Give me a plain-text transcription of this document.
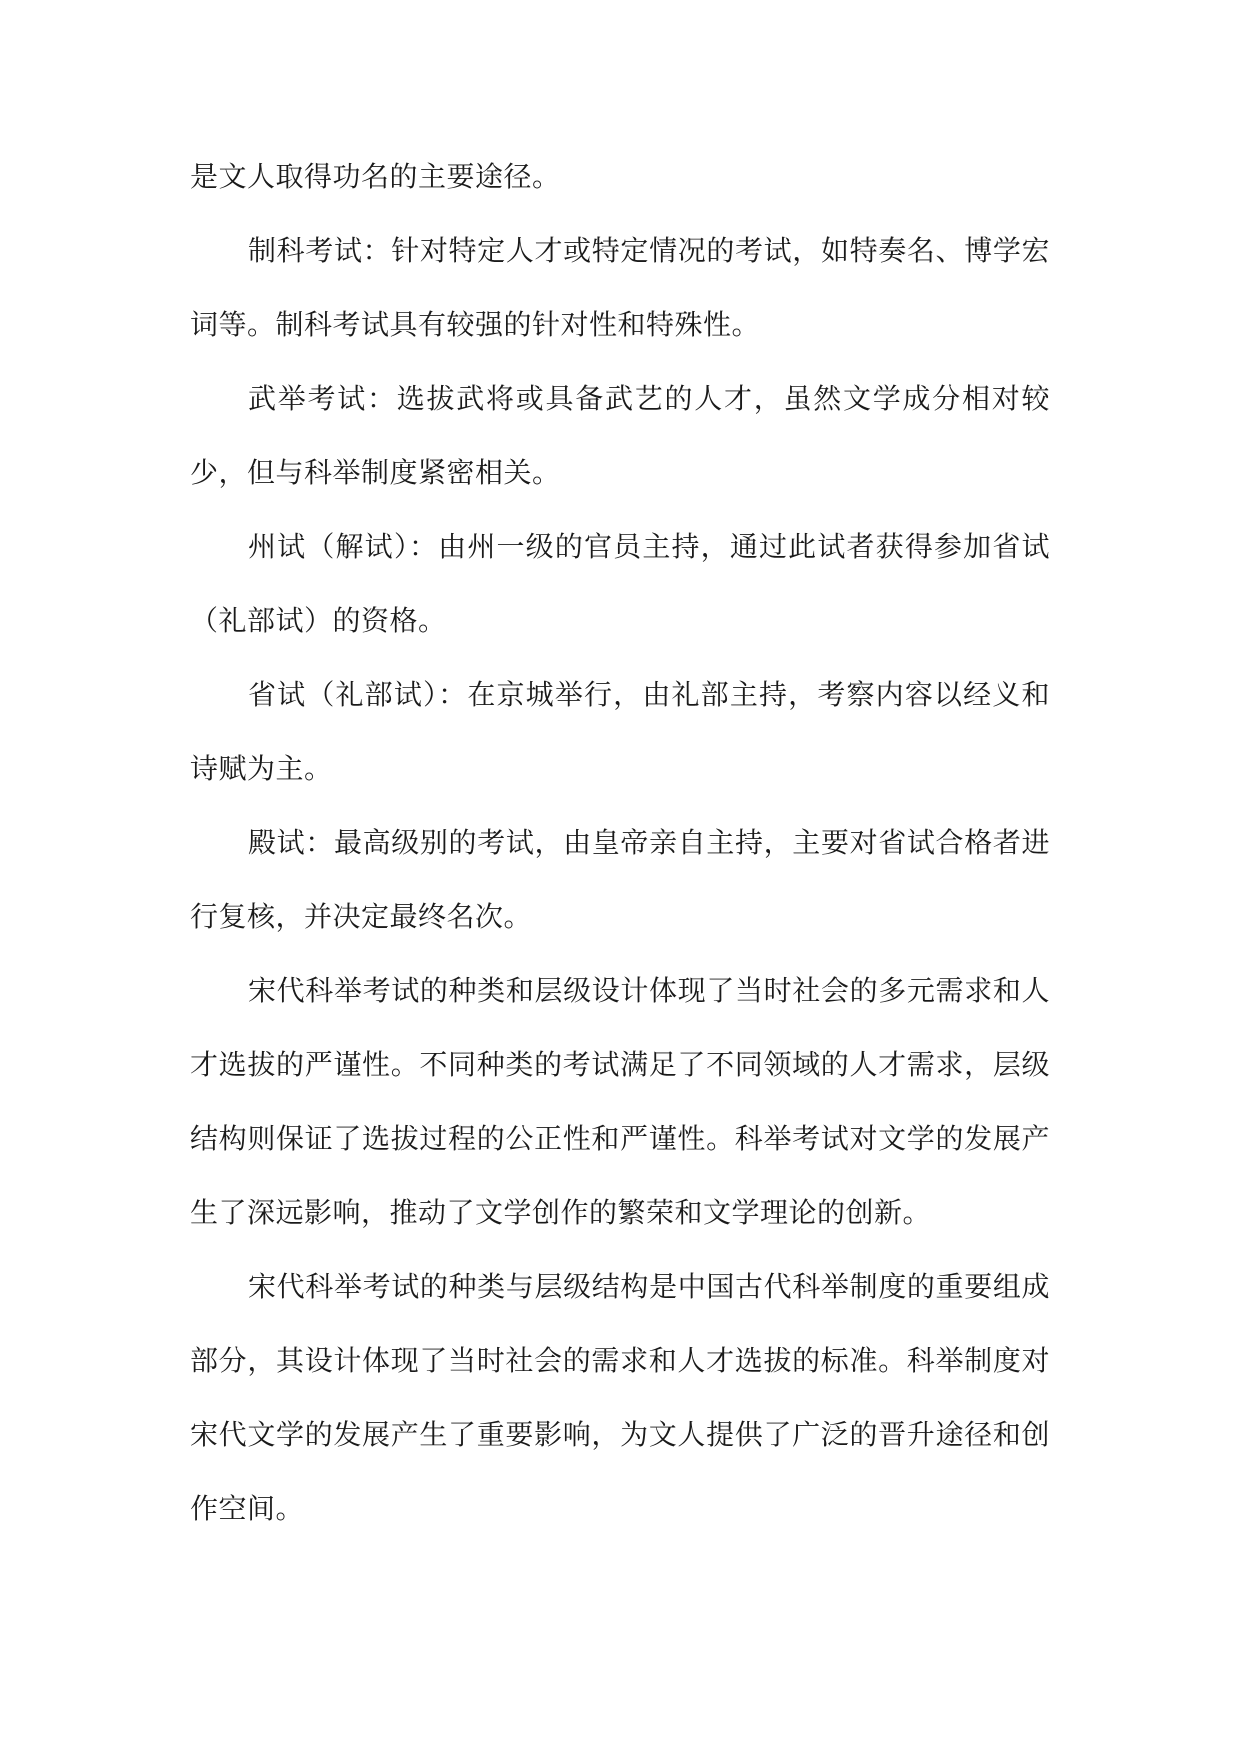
是文人取得功名的主要途径。

制科考试：针对特定人才或特定情况的考试，如特奏名、博学宏词等。制科考试具有较强的针对性和特殊性。

武举考试：选拔武将或具备武艺的人才，虽然文学成分相对较少，但与科举制度紧密相关。

州试（解试）：由州一级的官员主持，通过此试者获得参加省试（礼部试）的资格。

省试（礼部试）：在京城举行，由礼部主持，考察内容以经义和诗赋为主。

殿试：最高级别的考试，由皇帝亲自主持，主要对省试合格者进行复核，并决定最终名次。

宋代科举考试的种类和层级设计体现了当时社会的多元需求和人才选拔的严谨性。不同种类的考试满足了不同领域的人才需求，层级结构则保证了选拔过程的公正性和严谨性。科举考试对文学的发展产生了深远影响，推动了文学创作的繁荣和文学理论的创新。

宋代科举考试的种类与层级结构是中国古代科举制度的重要组成部分，其设计体现了当时社会的需求和人才选拔的标准。科举制度对宋代文学的发展产生了重要影响，为文人提供了广泛的晋升途径和创作空间。
